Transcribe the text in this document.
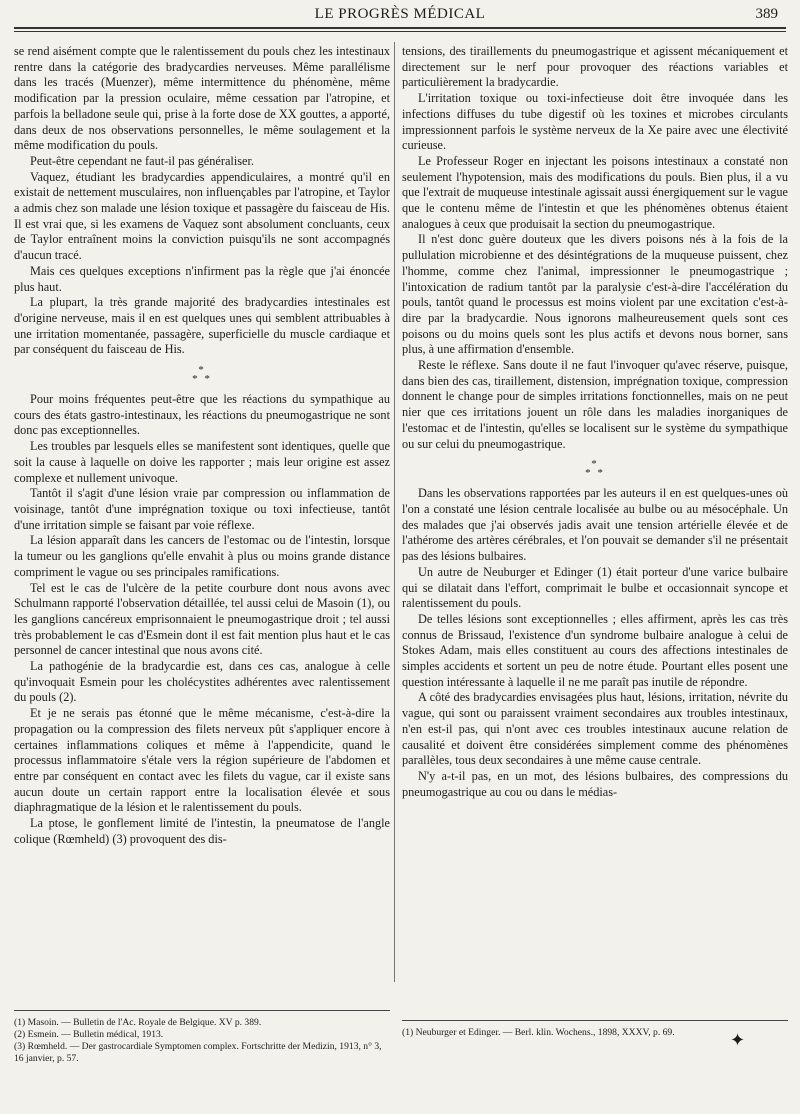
LE PROGRÈS MÉDICAL	389

se rend aisément compte que le ralentissement du pouls chez les intestinaux rentre dans la catégorie des bradycardies nerveuses. Même parallélisme dans les tracés (Muenzer), même intermittence du phénomène, même modification par la pression oculaire, même cessation par l'atropine, et parfois la belladone seule qui, prise à la forte dose de XX gouttes, a apporté, dans deux de nos observations personnelles, le même soulagement et la même modification du pouls.

Peut-être cependant ne faut-il pas généraliser.

Vaquez, étudiant les bradycardies appendiculaires, a montré qu'il en existait de nettement musculaires, non influençables par l'atropine, et Taylor a admis chez son malade une lésion toxique et passagère du faisceau de His. Il est vrai que, si les examens de Vaquez sont absolument concluants, ceux de Taylor entraînent moins la conviction puisqu'ils ne sont accompagnés d'aucun tracé.

Mais ces quelques exceptions n'infirment pas la règle que j'ai énoncée plus haut.

La plupart, la très grande majorité des bradycardies intestinales est d'origine nerveuse, mais il en est quelques unes qui semblent attribuables à une irritation momentanée, passagère, superficielle du muscle cardiaque et par conséquent du faisceau de His.

*
* *

Pour moins fréquentes peut-être que les réactions du sympathique au cours des états gastro-intestinaux, les réactions du pneumogastrique ne sont donc pas exceptionnelles.

Les troubles par lesquels elles se manifestent sont identiques, quelle que soit la cause à laquelle on doive les rapporter ; mais leur origine est assez complexe et nullement univoque.

Tantôt il s'agit d'une lésion vraie par compression ou inflammation de voisinage, tantôt d'une imprégnation toxique ou toxi infectieuse, tantôt d'une irritation simple se faisant par voie réflexe.

La lésion apparaît dans les cancers de l'estomac ou de l'intestin, lorsque la tumeur ou les ganglions qu'elle envahit à plus ou moins grande distance compriment le vague ou ses principales ramifications.

Tel est le cas de l'ulcère de la petite courbure dont nous avons avec Schulmann rapporté l'observation détaillée, tel aussi celui de Masoin (1), ou les ganglions cancéreux emprisonnaient le pneumogastrique droit ; tel aussi très probablement le cas d'Esmein dont il est fait mention plus haut et le cas personnel de cancer intestinal que nous avons cité.

La pathogénie de la bradycardie est, dans ces cas, analogue à celle qu'invoquait Esmein pour les cholécystites adhérentes avec ralentissement du pouls (2).

Et je ne serais pas étonné que le même mécanisme, c'est-à-dire la propagation ou la compression des filets nerveux pût s'appliquer encore à certaines inflammations coliques et même à l'appendicite, quand le processus inflammatoire s'étale vers la région supérieure de l'abdomen et entre par conséquent en contact avec les filets du vague, car il existe sans aucun doute un certain rapport entre la localisation élevée et sous diaphragmatique de la lésion et le ralentissement du pouls.

La ptose, le gonflement limité de l'intestin, la pneumatose de l'angle colique (Rœmheld) (3) provoquent des dis-

tensions, des tiraillements du pneumogastrique et agissent mécaniquement et directement sur le nerf pour provoquer des réactions variables et particulièrement la bradycardie.

L'irritation toxique ou toxi-infectieuse doit être invoquée dans les infections diffuses du tube digestif où les toxines et microbes circulants impressionnent parfois le système nerveux de la Xe paire avec une électivité curieuse.

Le Professeur Roger en injectant les poisons intestinaux a constaté non seulement l'hypotension, mais des modifications du pouls. Bien plus, il a vu que l'extrait de muqueuse intestinale agissait aussi énergiquement sur le vague que le contenu même de l'intestin et que les phénomènes obtenus étaient analogues à ceux que produisait la section du pneumogastrique.

Il n'est donc guère douteux que les divers poisons nés à la fois de la pullulation microbienne et des désintégrations de la muqueuse puissent, chez l'homme, comme chez l'animal, impressionner le pneumogastrique ; l'intoxication de radium tantôt par la paralysie c'est-à-dire l'accélération du pouls, tantôt quand le processus est moins violent par une excitation c'est-à-dire par la bradycardie. Nous ignorons malheureusement quels sont ces poisons ou du moins quels sont les plus actifs et devons nous borner, sans plus, à une affirmation d'ensemble.

Reste le réflexe. Sans doute il ne faut l'invoquer qu'avec réserve, puisque, dans bien des cas, tiraillement, distension, imprégnation toxique, compression donnent le change pour de simples irritations fonctionnelles, mais on ne peut nier que ces irritations jouent un rôle dans les maladies inorganiques de l'estomac et de l'intestin, qu'elles se localisent sur le système du sympathique ou sur celui du pneumogastrique.

*
* *

Dans les observations rapportées par les auteurs il en est quelques-unes où l'on a constaté une lésion centrale localisée au bulbe ou au mésocéphale. Un des malades que j'ai observés jadis avait une tension artérielle élevée et de l'athérome des artères cérébrales, et l'on pouvait se demander s'il ne présentait pas des lésions bulbaires.

Un autre de Neuburger et Edinger (1) était porteur d'une varice bulbaire qui se dilatait dans l'effort, comprimait le bulbe et occasionnait syncope et ralentissement du pouls.

De telles lésions sont exceptionnelles ; elles affirment, après les cas très connus de Brissaud, l'existence d'un syndrome bulbaire analogue à celui de Stokes Adam, mais elles constituent au cours des affections intestinales de simples accidents et sortent un peu de notre étude. Pourtant elles posent une question intéressante à laquelle il ne me paraît pas inutile de répondre.

A côté des bradycardies envisagées plus haut, lésions, irritation, névrite du vague, qui sont ou paraissent vraiment secondaires aux troubles intestinaux, n'en est-il pas, qui n'ont avec ces troubles intestinaux aucune relation de causalité et doivent être considérées simplement comme des phénomènes parallèles, tous deux secondaires à une même cause centrale.

N'y a-t-il pas, en un mot, des lésions bulbaires, des compressions du pneumogastrique au cou ou dans le médias-

(1) Masoin. — Bulletin de l'Ac. Royale de Belgique. XV p. 389.
(2) Esmein. — Bulletin médical, 1913.
(3) Rœmheld. — Der gastrocardiale Symptomen complex. Fortschritte der Medizin, 1913, n° 3, 16 janvier, p. 57.
(1) Neuburger et Edinger. — Berl. klin. Wochens., 1898, XXXV, p. 69.	✦
